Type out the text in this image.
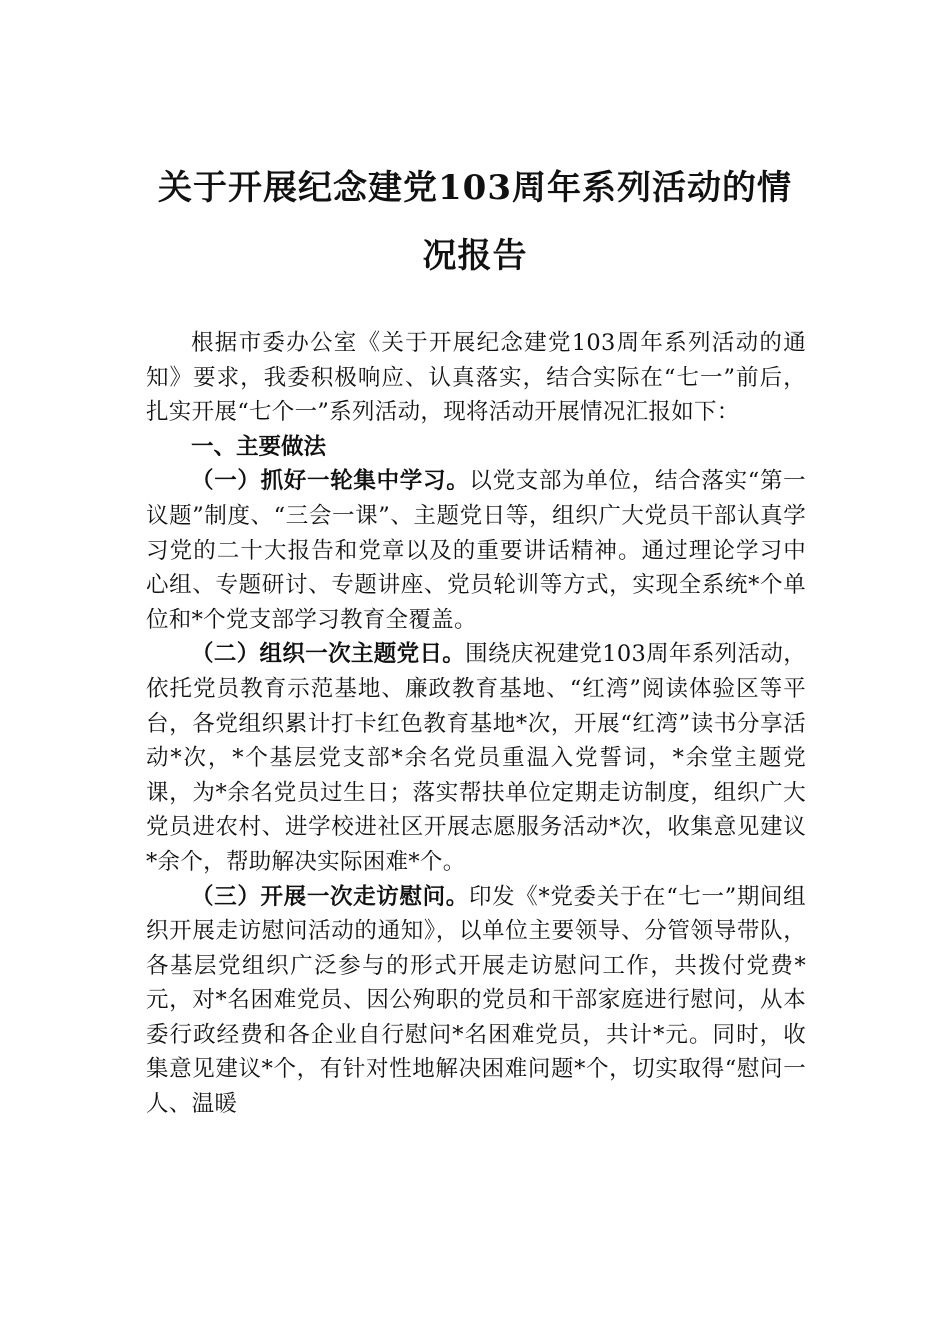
关于开展纪念建党103周年系列活动的情
况报告

根据市委办公室《关于开展纪念建党103周年系列活动的通知》要求，我委积极响应、认真落实，结合实际在“七一”前后，扎实开展“七个一”系列活动，现将活动开展情况汇报如下：

一、主要做法

（一）抓好一轮集中学习。以党支部为单位，结合落实“第一议题”制度、“三会一课”、主题党日等，组织广大党员干部认真学习党的二十大报告和党章以及的重要讲话精神。通过理论学习中心组、专题研讨、专题讲座、党员轮训等方式，实现全系统*个单位和*个党支部学习教育全覆盖。

（二）组织一次主题党日。围绕庆祝建党103周年系列活动，依托党员教育示范基地、廉政教育基地、“红湾”阅读体验区等平台，各党组织累计打卡红色教育基地*次，开展“红湾”读书分享活动*次，*个基层党支部*余名党员重温入党誓词，*余堂主题党课，为*余名党员过生日；落实帮扶单位定期走访制度，组织广大党员进农村、进学校进社区开展志愿服务活动*次，收集意见建议*余个，帮助解决实际困难*个。

（三）开展一次走访慰问。印发《*党委关于在“七一”期间组织开展走访慰问活动的通知》，以单位主要领导、分管领导带队，各基层党组织广泛参与的形式开展走访慰问工作，共拨付党费*元，对*名困难党员、因公殉职的党员和干部家庭进行慰问，从本委行政经费和各企业自行慰问*名困难党员，共计*元。同时，收集意见建议*个，有针对性地解决困难问题*个，切实取得“慰问一人、温暖
